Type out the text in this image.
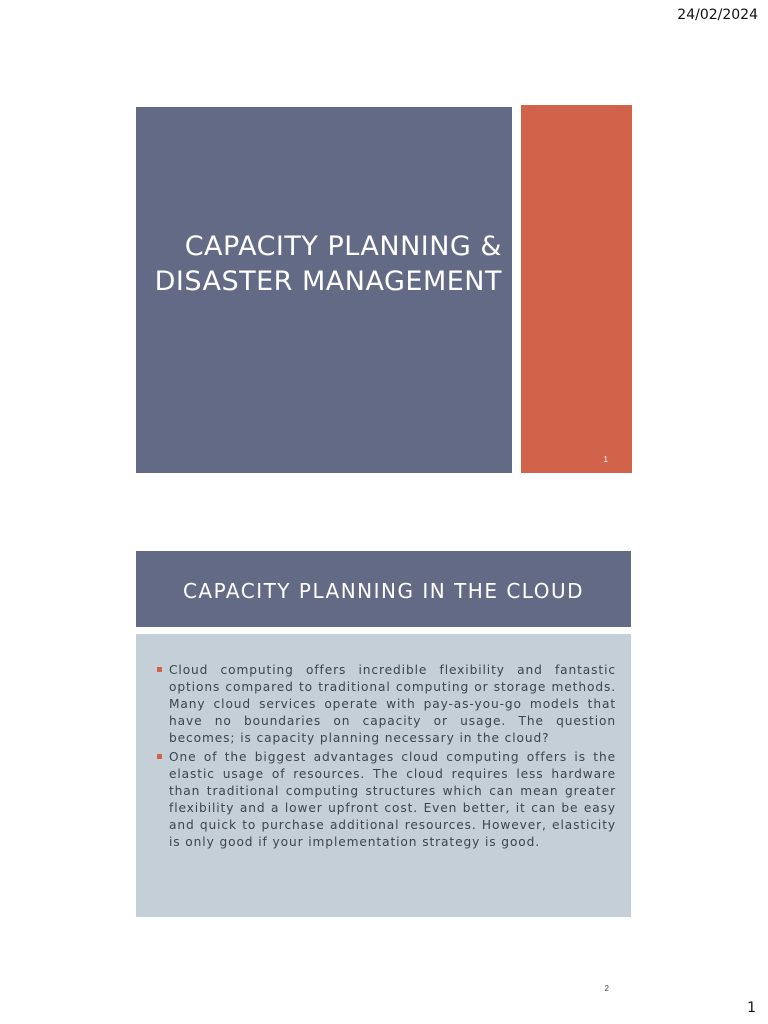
24/02/2024
CAPACITY PLANNING &
DISASTER MANAGEMENT
1
CAPACITY PLANNING IN THE CLOUD
Cloud computing offers incredible flexibility and fantastic options compared to traditional computing or storage methods. Many cloud services operate with pay-as-you-go models that have no boundaries on capacity or usage. The question becomes; is capacity planning necessary in the cloud?
One of the biggest advantages cloud computing offers is the elastic usage of resources. The cloud requires less hardware than traditional computing structures which can mean greater flexibility and a lower upfront cost. Even better, it can be easy and quick to purchase additional resources. However, elasticity is only good if your implementation strategy is good.
2
1
